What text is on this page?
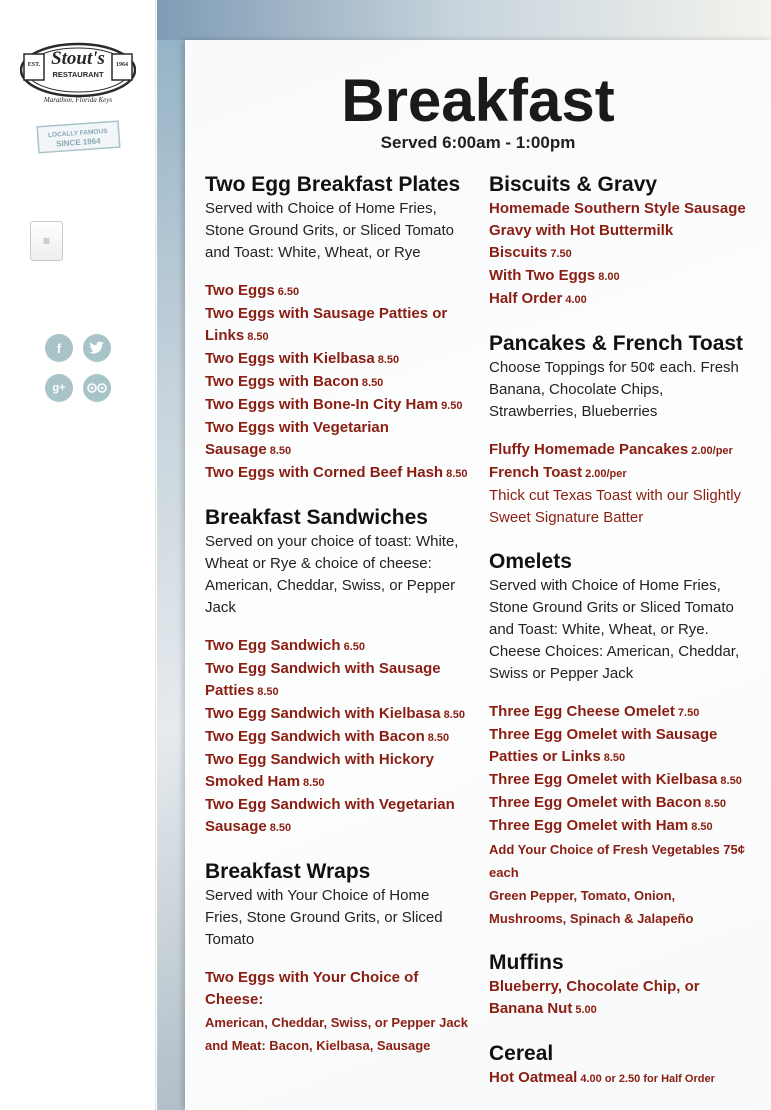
EST.	1964
Stout's
RESTAURANT
Marathon, Florida Keys
LOCALLY FAMOUS
SINCE 1964
≡
f
g+
Breakfast
Served 6:00am - 1:00pm
Two Egg Breakfast Plates
Served with Choice of Home Fries, Stone Ground Grits, or Sliced Tomato and Toast: White, Wheat, or Rye
Two Eggs 6.50
Two Eggs with Sausage Patties or Links 8.50
Two Eggs with Kielbasa 8.50
Two Eggs with Bacon 8.50
Two Eggs with Bone-In City Ham 9.50
Two Eggs with Vegetarian Sausage 8.50
Two Eggs with Corned Beef Hash 8.50
Breakfast Sandwiches
Served on your choice of toast: White, Wheat or Rye & choice of cheese: American, Cheddar, Swiss, or Pepper Jack
Two Egg Sandwich 6.50
Two Egg Sandwich with Sausage Patties 8.50
Two Egg Sandwich with Kielbasa 8.50
Two Egg Sandwich with Bacon 8.50
Two Egg Sandwich with Hickory Smoked Ham 8.50
Two Egg Sandwich with Vegetarian Sausage 8.50
Breakfast Wraps
Served with Your Choice of Home Fries, Stone Ground Grits, or Sliced Tomato
Two Eggs with Your Choice of Cheese:
American, Cheddar, Swiss, or Pepper Jack
and Meat: Bacon, Kielbasa, Sausage
Biscuits & Gravy
Homemade Southern Style Sausage Gravy with Hot Buttermilk Biscuits 7.50
With Two Eggs 8.00
Half Order 4.00
Pancakes & French Toast
Choose Toppings for 50¢ each. Fresh Banana, Chocolate Chips, Strawberries, Blueberries
Fluffy Homemade Pancakes 2.00/per
French Toast 2.00/per
Thick cut Texas Toast with our Slightly Sweet Signature Batter
Omelets
Served with Choice of Home Fries, Stone Ground Grits or Sliced Tomato and Toast: White, Wheat, or Rye. Cheese Choices: American, Cheddar, Swiss or Pepper Jack
Three Egg Cheese Omelet 7.50
Three Egg Omelet with Sausage Patties or Links 8.50
Three Egg Omelet with Kielbasa 8.50
Three Egg Omelet with Bacon 8.50
Three Egg Omelet with Ham 8.50
Add Your Choice of Fresh Vegetables 75¢ each
Green Pepper, Tomato, Onion, Mushrooms, Spinach & Jalapeño
Muffins
Blueberry, Chocolate Chip, or Banana Nut 5.00
Cereal
Hot Oatmeal 4.00 or 2.50 for Half Order
